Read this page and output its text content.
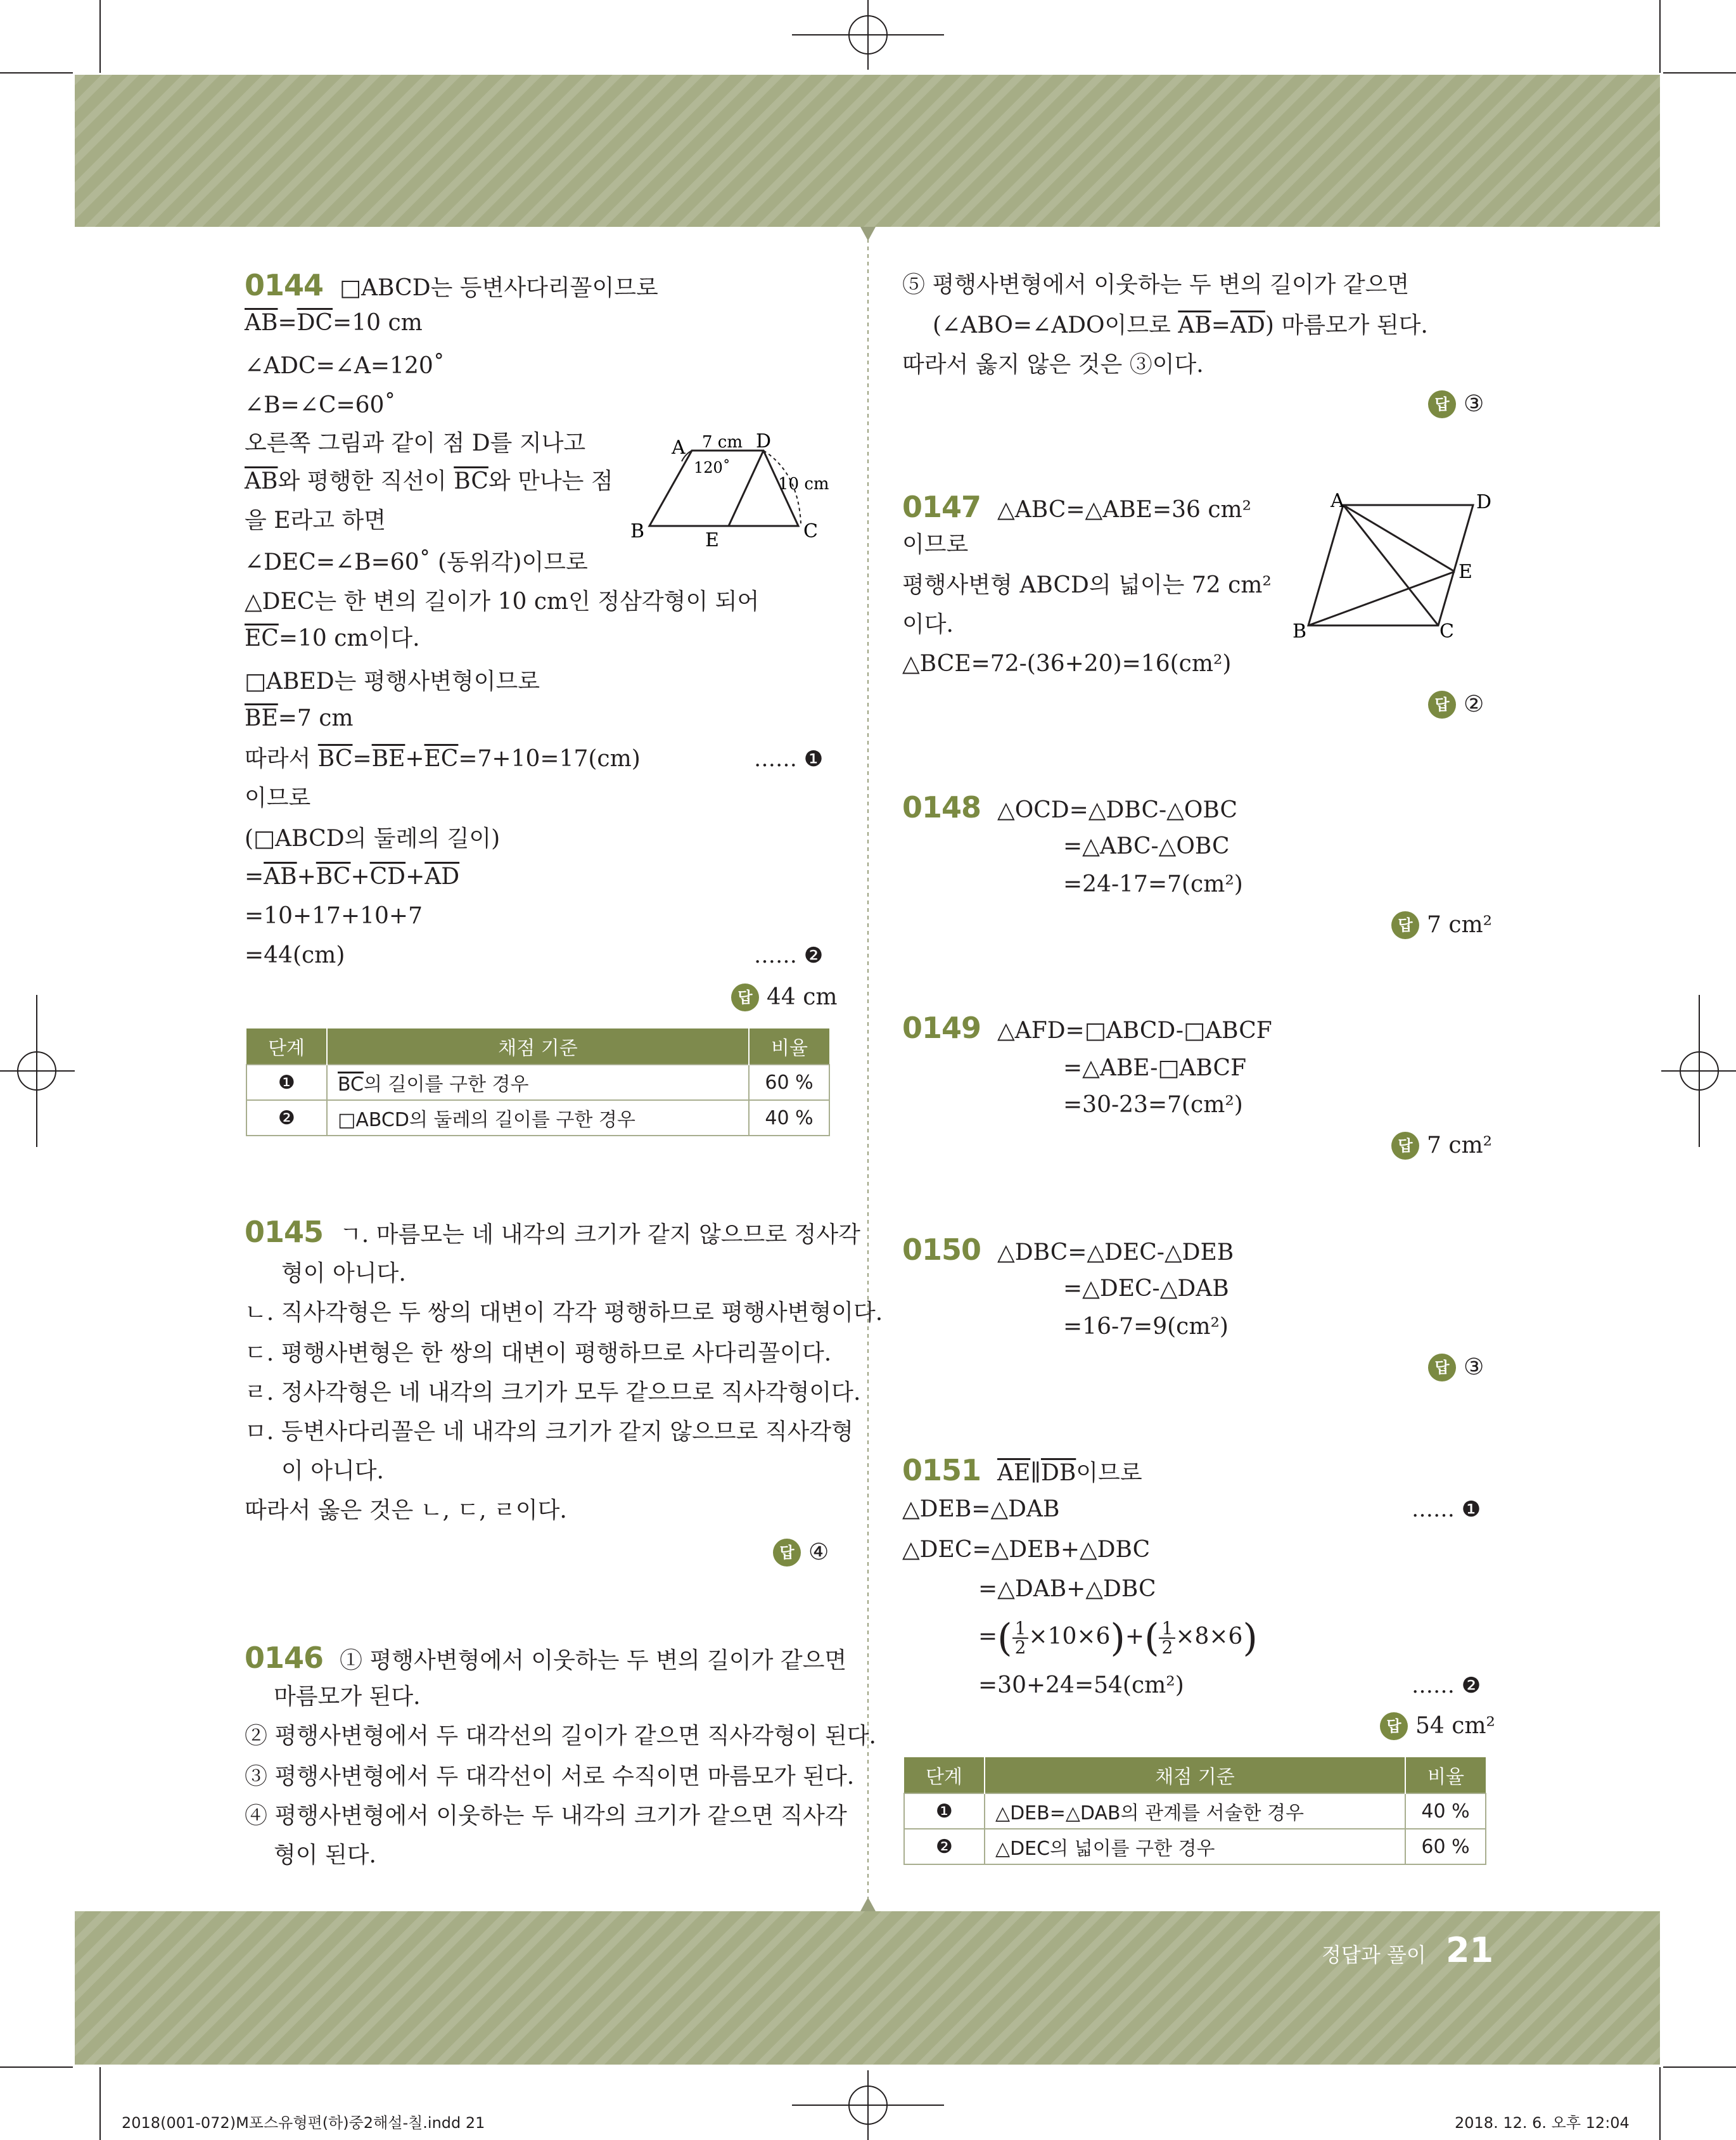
0144 □ABCD는 등변사다리꼴이므로
$\overline{AB}=\overline{DC}=10$ cm
∠ADC=∠A=120˚
∠B=∠C=60˚
오른쪽 그림과 같이 점 D를 지나고
$\overline{AB}$와 평행한 직선이 $\overline{BC}$와 만나는 점
을 E라고 하면
∠DEC=∠B=60˚ (동위각)이므로
△DEC는 한 변의 길이가 10 cm인 정삼각형이 되어
$\overline{EC}=10$ cm이다.
□ABED는 평행사변형이므로
$\overline{BE}=7$ cm
따라서 $\overline{BC}=\overline{BE}+\overline{EC}=7+10=17(cm)$	…… ❶
이므로
(□ABCD의 둘레의 길이)
$=\overline{AB}+\overline{BC}+\overline{CD}+\overline{AD}$
=10+17+10+7
=44(cm)	…… ❷
답 44 cm
A
B	C
D
E
7 cm
10 cm
120˚
단계	채점 기준	비율
❶	$\overline{BC}$의 길이를 구한 경우	60 %
❷	□ABCD의 둘레의 길이를 구한 경우	40 %
0145 ㄱ. 마름모는 네 내각의 크기가 같지 않으므로 정사각
형이 아니다.
ㄴ. 직사각형은 두 쌍의 대변이 각각 평행하므로 평행사변형이다.
ㄷ. 평행사변형은 한 쌍의 대변이 평행하므로 사다리꼴이다.
ㄹ. 정사각형은 네 내각의 크기가 모두 같으므로 직사각형이다.
ㅁ. 등변사다리꼴은 네 내각의 크기가 같지 않으므로 직사각형
이 아니다.
따라서 옳은 것은 ㄴ, ㄷ, ㄹ이다.
답 ④
0146 ① 평행사변형에서 이웃하는 두 변의 길이가 같으면
마름모가 된다.
② 평행사변형에서 두 대각선의 길이가 같으면 직사각형이 된다.
③ 평행사변형에서 두 대각선이 서로 수직이면 마름모가 된다.
④ 평행사변형에서 이웃하는 두 내각의 크기가 같으면 직사각
형이 된다.
⑤ 평행사변형에서 이웃하는 두 변의 길이가 같으면
(∠ABO=∠ADO이므로 $\overline{AB}=\overline{AD}$) 마름모가 된다.
따라서 옳지 않은 것은 ③이다.
답 ③
0147 △ABC=△ABE=36 cm²
이므로
평행사변형 ABCD의 넓이는 72 cm²
이다.
△BCE=72-(36+20)=16(cm²)
답 ②
A	D
B	C
E
0148 △OCD=△DBC-△OBC
=△ABC-△OBC
=24-17=7(cm²)
답 7 cm²
0149 △AFD=□ABCD-□ABCF
=△ABE-□ABCF
=30-23=7(cm²)
답 7 cm²
0150 △DBC=△DEC-△DEB
=△DEC-△DAB
=16-7=9(cm²)
답 ③
0151 $\overline{AE}\parallel\overline{DB}$이므로
△DEB=△DAB	…… ❶
△DEC=△DEB+△DBC
=△DAB+△DBC
=( $\frac{1}{2} \times 10\times 6)+( \frac{1}{2} \times 8\times 6)$
=30+24=54(cm²)	…… ❷
답 54 cm²
단계	채점 기준	비율
❶	△DEB=△DAB의 관계를 서술한 경우	40 %
❷	△DEC의 넓이를 구한 경우	60 %
정답과 풀이 21
2018(001-072)M포스유형편(하)중2해설-칠.indd 21	2018. 12. 6. 오후 12:04
